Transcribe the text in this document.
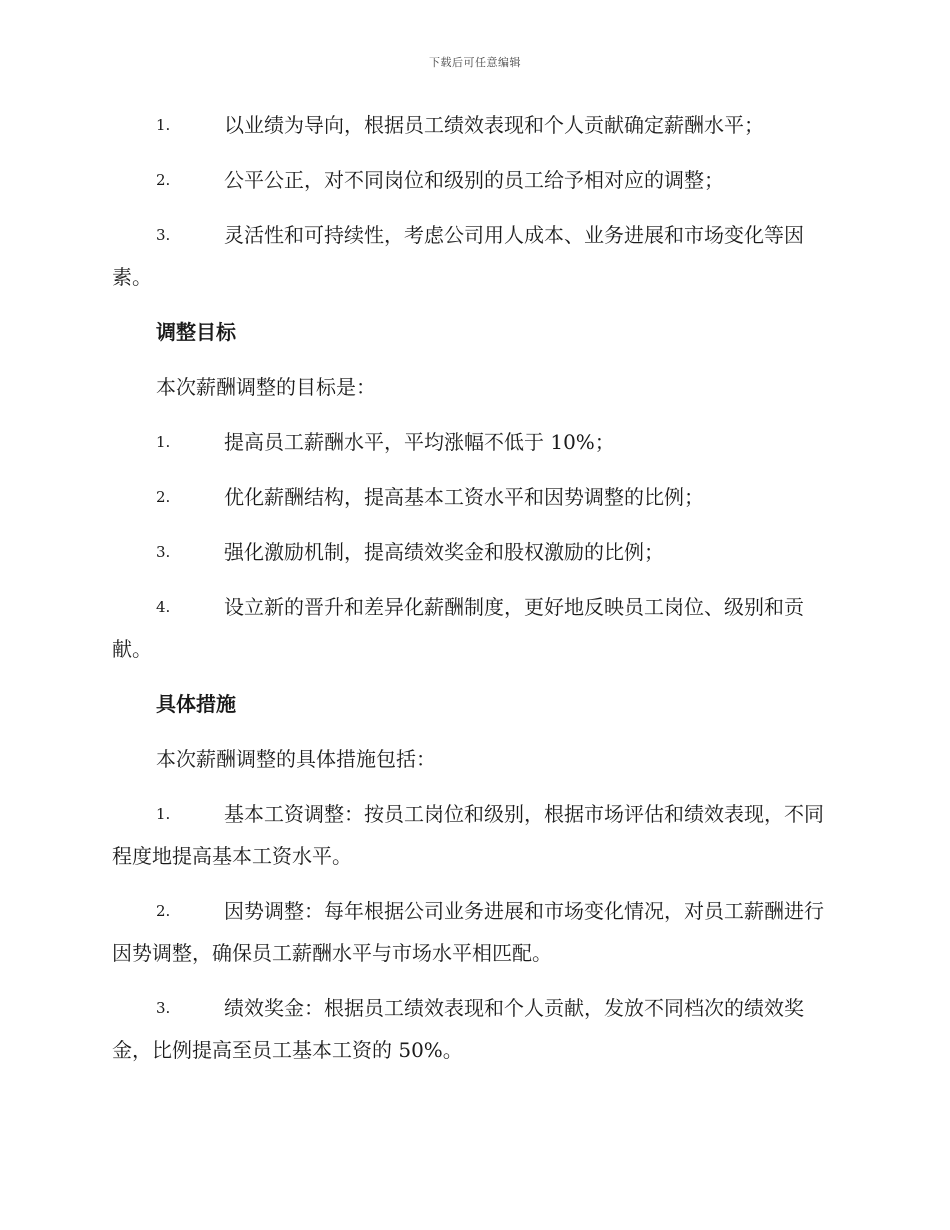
下载后可任意编辑
1.	以业绩为导向，根据员工绩效表现和个人贡献确定薪酬水平；
2.	公平公正，对不同岗位和级别的员工给予相对应的调整；
3.	灵活性和可持续性，考虑公司用人成本、业务进展和市场变化等因素。
调整目标
本次薪酬调整的目标是：
1.	提高员工薪酬水平，平均涨幅不低于 10%；
2.	优化薪酬结构，提高基本工资水平和因势调整的比例；
3.	强化激励机制，提高绩效奖金和股权激励的比例；
4.	设立新的晋升和差异化薪酬制度，更好地反映员工岗位、级别和贡献。
具体措施
本次薪酬调整的具体措施包括：
1.	基本工资调整：按员工岗位和级别，根据市场评估和绩效表现，不同程度地提高基本工资水平。
2.	因势调整：每年根据公司业务进展和市场变化情况，对员工薪酬进行因势调整，确保员工薪酬水平与市场水平相匹配。
3.	绩效奖金：根据员工绩效表现和个人贡献，发放不同档次的绩效奖金，比例提高至员工基本工资的 50%。
